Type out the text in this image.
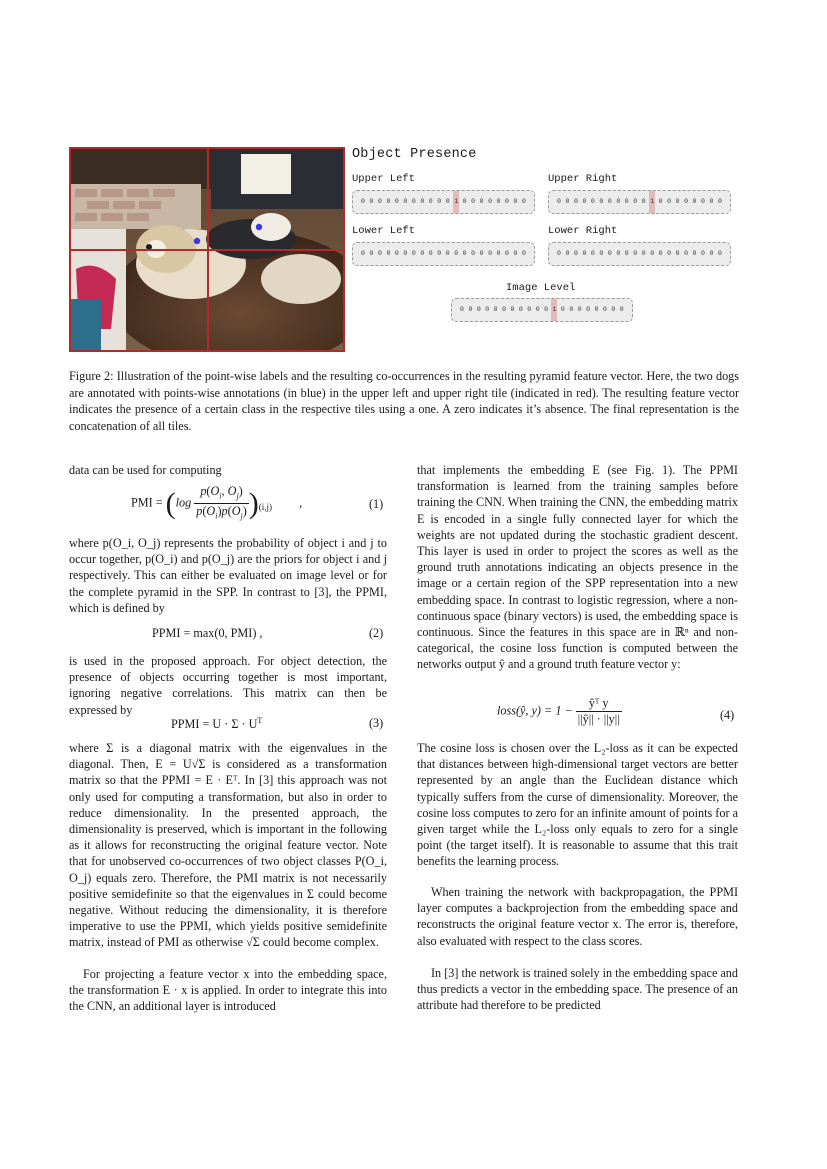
Object Presence
Upper Left
0 0 0 0 0 0 0 0 0 0 0 1 0 0 0 0 0 0 0 0
Upper Right
0 0 0 0 0 0 0 0 0 0 0 1 0 0 0 0 0 0 0 0
Lower Left
0 0 0 0 0 0 0 0 0 0 0 0 0 0 0 0 0 0 0 0
Lower Right
0 0 0 0 0 0 0 0 0 0 0 0 0 0 0 0 0 0 0 0
Image Level
0 0 0 0 0 0 0 0 0 0 0 1 0 0 0 0 0 0 0 0
Figure 2: Illustration of the point-wise labels and the resulting co-occurrences in the resulting pyramid feature vector. Here, the two dogs are annotated with points-wise annotations (in blue) in the upper left and upper right tile (indicated in red). The resulting feature vector indicates the presence of a certain class in the respective tiles using a one. A zero indicates it’s absence. The final representation is the concatenation of all tiles.
data can be used for computing
PMI = $(\log \frac{p(O_i, O_j)}{p(O_i)p(O_j)} )_{(i,j)}$ ,	(1)
where p(O_i, O_j) represents the probability of object i and j to occur together, p(O_i) and p(O_j) are the priors for object i and j respectively. This can either be evaluated on image level or for the complete pyramid in the SPP. In contrast to [3], the PPMI, which is defined by
PPMI = max(0, PMI) ,	(2)
is used in the proposed approach. For object detection, the presence of objects occurring together is most important, ignoring negative correlations. This matrix can then be expressed by
PPMI = $U \cdot \Sigma \cdot U^T$	(3)
where Σ is a diagonal matrix with the eigenvalues in the diagonal. Then, E = U√Σ is considered as a transformation matrix so that the PPMI = E · Eᵀ. In [3] this approach was not only used for computing a transformation, but also in order to reduce dimensionality. In the presented approach, the dimensionality is preserved, which is important in the following as it allows for reconstructing the original feature vector. Note that for unobserved co-occurrences of two object classes P(O_i, O_j) equals zero. Therefore, the PMI matrix is not necessarily positive semidefinite so that the eigenvalues in Σ could become negative. Without reducing the dimensionality, it is therefore imperative to use the PPMI, which yields positive semidefinite matrix, instead of PMI as otherwise √Σ could become complex.

For projecting a feature vector x into the embedding space, the transformation E · x is applied. In order to integrate this into the CNN, an additional layer is introduced

that implements the embedding E (see Fig. 1). The PPMI transformation is learned from the training samples before training the CNN. When training the CNN, the embedding matrix E is encoded in a single fully connected layer for which the weights are not updated during the stochastic gradient descent. This layer is used in order to project the scores as well as the ground truth annotations indicating an objects presence in the image or a certain region of the SPP representation into a new embedding space. In contrast to logistic regression, where a non-continuous space (binary vectors) is used, the embedding space is continuous. Since the features in this space are in ℝⁿ and non-categorical, the cosine loss function is computed between the networks output ŷ and a ground truth feature vector y:
loss(ŷ, $y) = 1 - \frac{\text{ŷᵀ y}}{||ŷ|| \cdot ||y||}$	(4)
The cosine loss is chosen over the L₂-loss as it can be expected that distances between high-dimensional target vectors are better represented by an angle than the Euclidean distance which typically suffers from the curse of dimensionality. Moreover, the cosine loss computes to zero for an infinite amount of points for a given target while the L₂-loss only equals to zero for a single point (the target itself). It is reasonable to assume that this trait benefits the learning process.

When training the network with backpropagation, the PPMI layer computes a backprojection from the embedding space and reconstructs the original feature vector x. The error is, therefore, also evaluated with respect to the class scores.

In [3] the network is trained solely in the embedding space and thus predicts a vector in the embedding space. The presence of an attribute had therefore to be predicted
